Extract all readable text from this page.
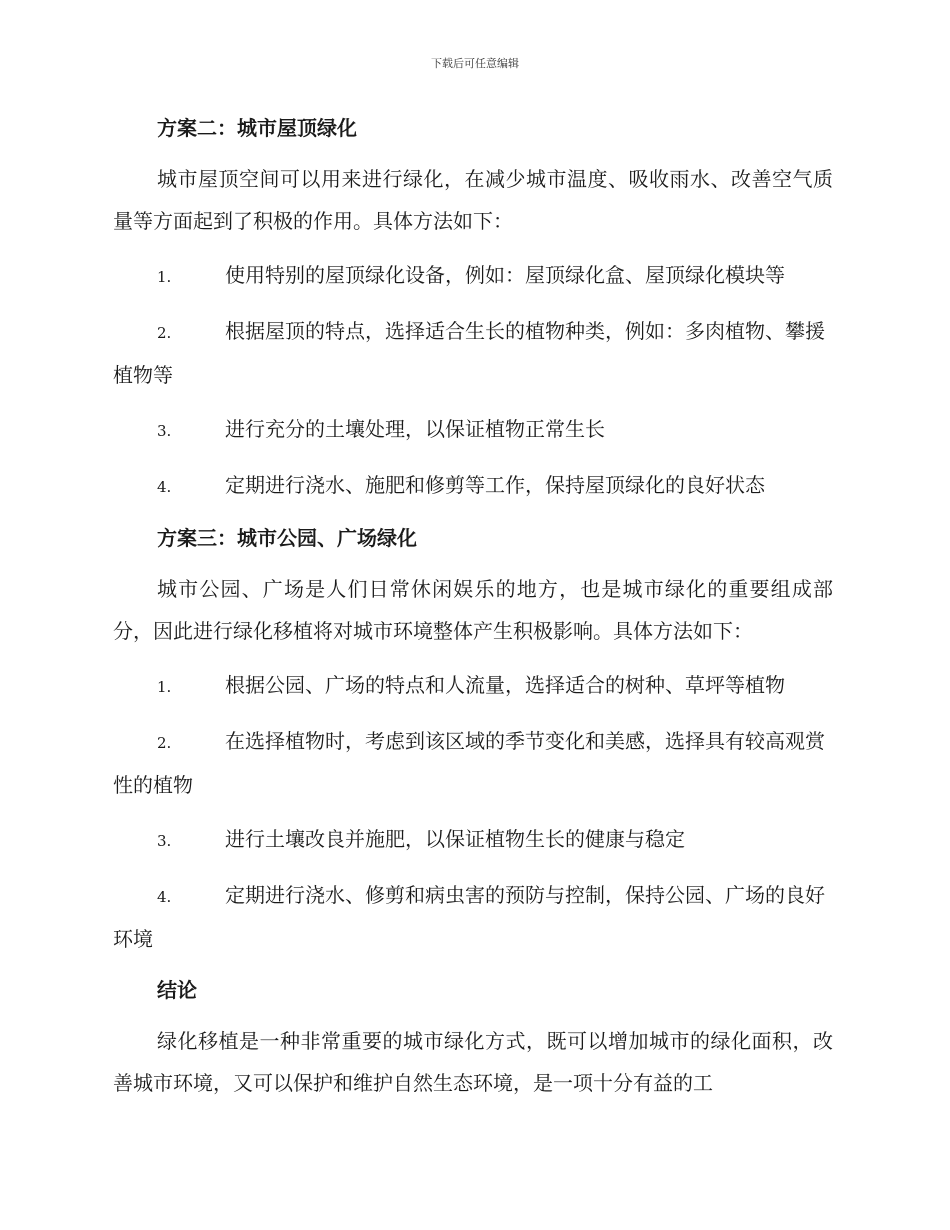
下载后可任意编辑
方案二：城市屋顶绿化

城市屋顶空间可以用来进行绿化，在减少城市温度、吸收雨水、改善空气质量等方面起到了积极的作用。具体方法如下：

1.	使用特别的屋顶绿化设备，例如：屋顶绿化盒、屋顶绿化模块等

2.	根据屋顶的特点，选择适合生长的植物种类，例如：多肉植物、攀援植物等

3.	进行充分的土壤处理，以保证植物正常生长

4.	定期进行浇水、施肥和修剪等工作，保持屋顶绿化的良好状态

方案三：城市公园、广场绿化

城市公园、广场是人们日常休闲娱乐的地方，也是城市绿化的重要组成部分，因此进行绿化移植将对城市环境整体产生积极影响。具体方法如下：

1.	根据公园、广场的特点和人流量，选择适合的树种、草坪等植物

2.	在选择植物时，考虑到该区域的季节变化和美感，选择具有较高观赏性的植物

3.	进行土壤改良并施肥，以保证植物生长的健康与稳定

4.	定期进行浇水、修剪和病虫害的预防与控制，保持公园、广场的良好环境

结论

绿化移植是一种非常重要的城市绿化方式，既可以增加城市的绿化面积，改善城市环境，又可以保护和维护自然生态环境，是一项十分有益的工
